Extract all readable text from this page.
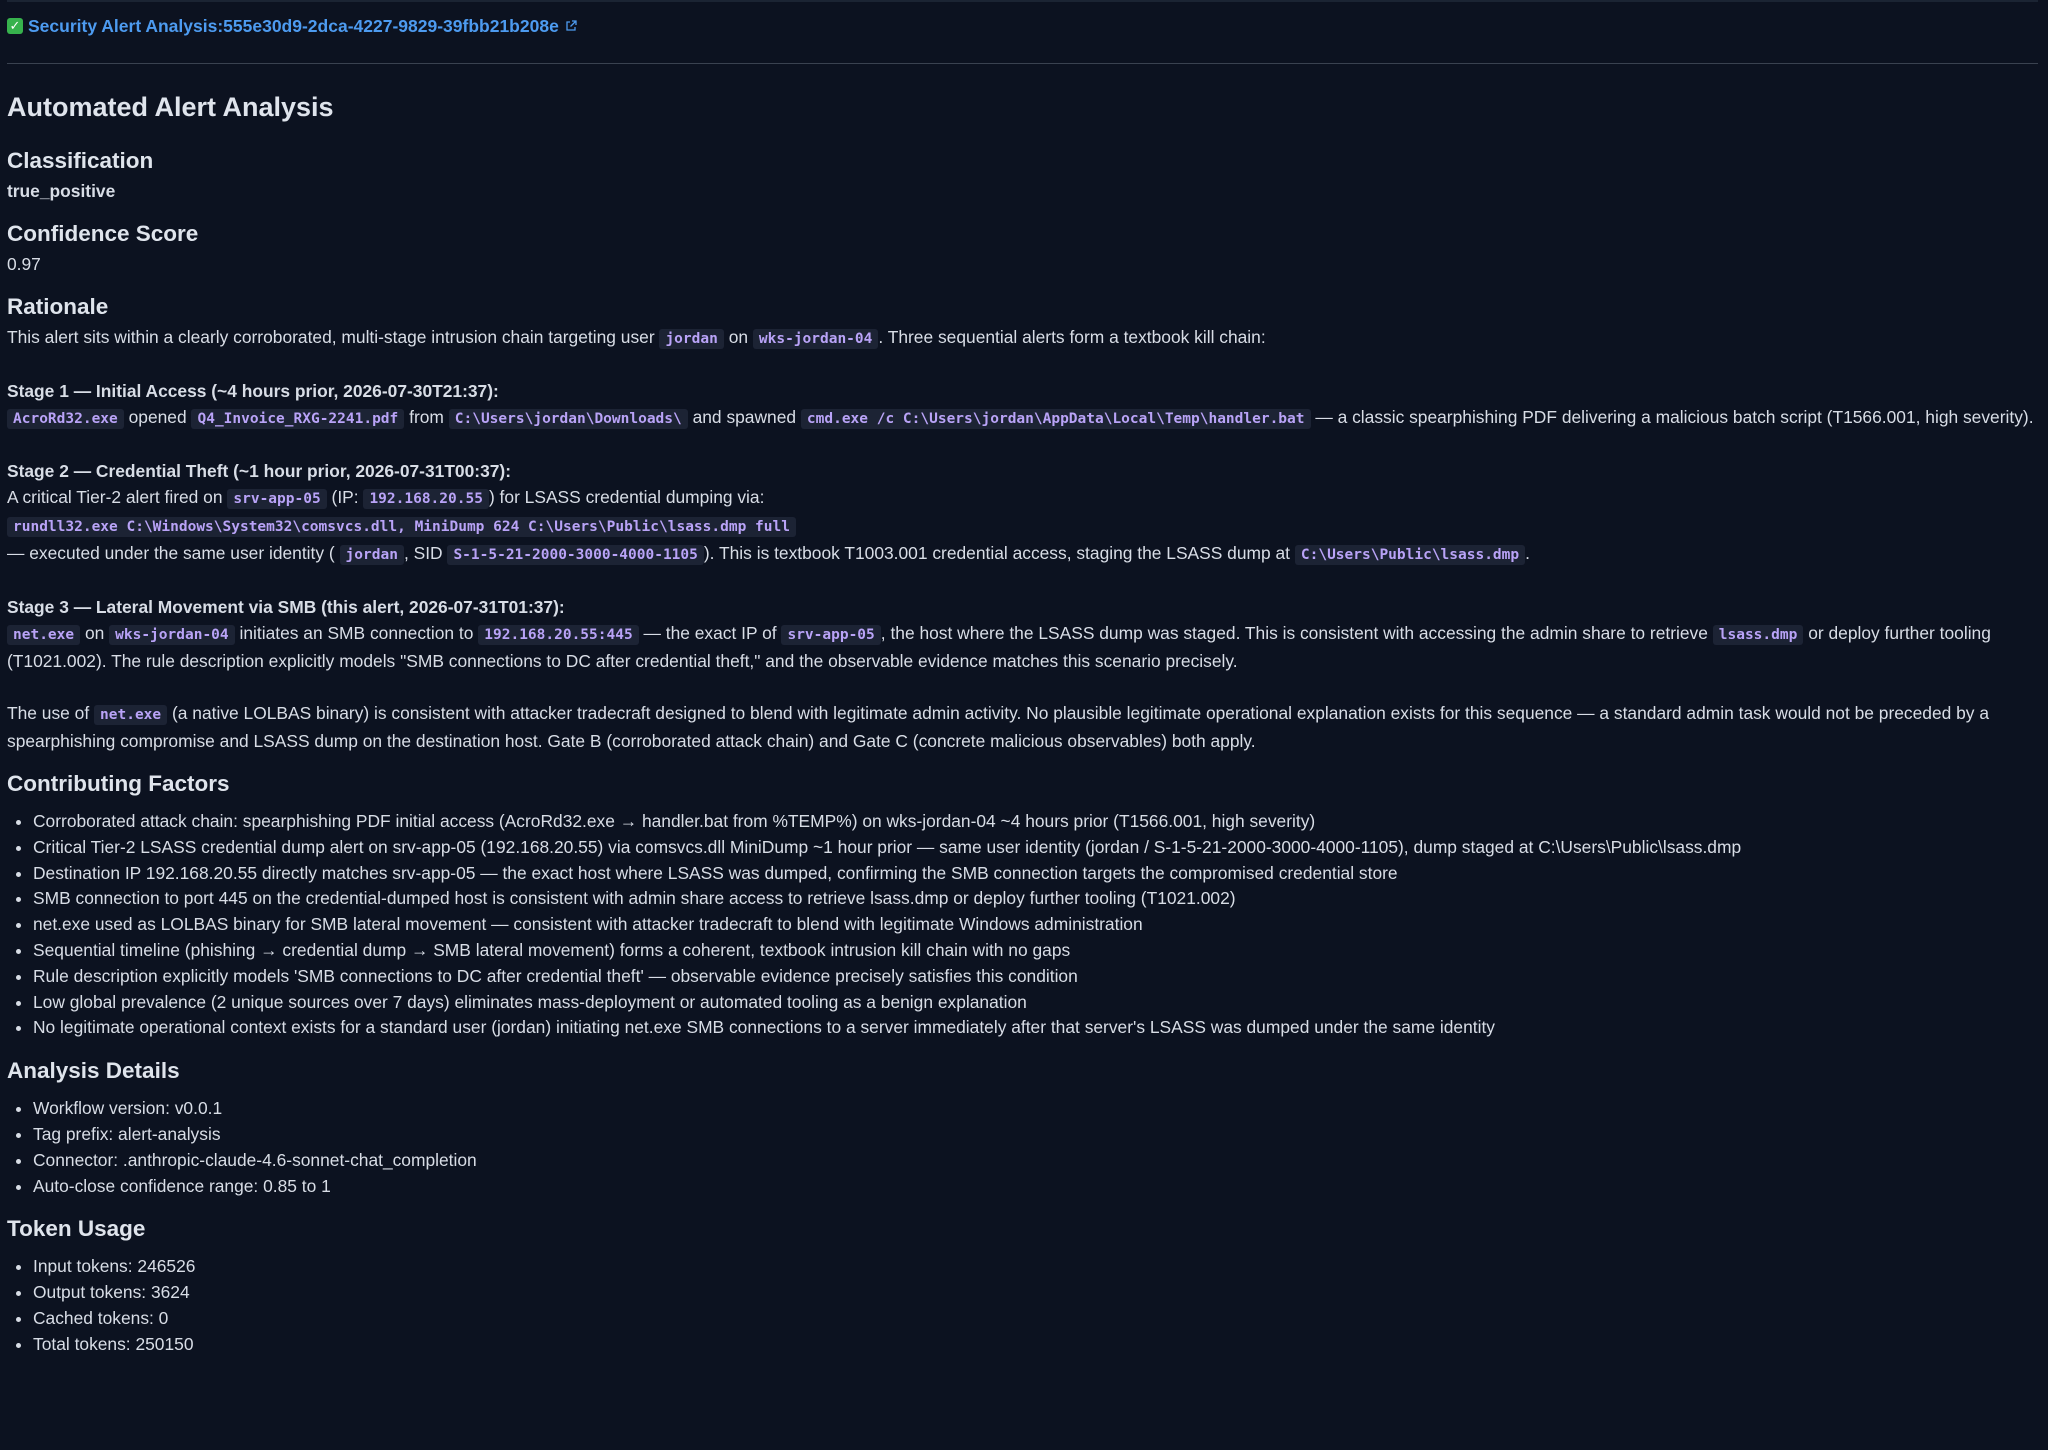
✓ Security Alert Analysis:555e30d9-2dca-4227-9829-39fbb21b208e
Automated Alert Analysis
Classification

true_positive

Confidence Score

0.97

Rationale

This alert sits within a clearly corroborated, multi-stage intrusion chain targeting user jordan on wks-jordan-04 . Three sequential alerts form a textbook kill chain:

Stage 1 — Initial Access (~4 hours prior, 2026-07-30T21:37):
AcroRd32.exe opened Q4_Invoice_RXG-2241.pdf from C:\Users\jordan\Downloads\ and spawned cmd.exe /c C:\Users\jordan\AppData\Local\Temp\handler.bat — a classic spearphishing PDF delivering a malicious batch script (T1566.001, high severity).

Stage 2 — Credential Theft (~1 hour prior, 2026-07-31T00:37):
A critical Tier-2 alert fired on srv-app-05 (IP: 192.168.20.55 ) for LSASS credential dumping via:
rundll32.exe C:\Windows\System32\comsvcs.dll, MiniDump 624 C:\Users\Public\lsass.dmp full
— executed under the same user identity ( jordan , SID S-1-5-21-2000-3000-4000-1105 ). This is textbook T1003.001 credential access, staging the LSASS dump at C:\Users\Public\lsass.dmp .

Stage 3 — Lateral Movement via SMB (this alert, 2026-07-31T01:37):
net.exe on wks-jordan-04 initiates an SMB connection to 192.168.20.55:445 — the exact IP of srv-app-05 , the host where the LSASS dump was staged. This is consistent with accessing the admin share to retrieve lsass.dmp or deploy further tooling (T1021.002). The rule description explicitly models "SMB connections to DC after credential theft," and the observable evidence matches this scenario precisely.

The use of net.exe (a native LOLBAS binary) is consistent with attacker tradecraft designed to blend with legitimate admin activity. No plausible legitimate operational explanation exists for this sequence — a standard admin task would not be preceded by a spearphishing compromise and LSASS dump on the destination host. Gate B (corroborated attack chain) and Gate C (concrete malicious observables) both apply.

Contributing Factors
• Corroborated attack chain: spearphishing PDF initial access (AcroRd32.exe → handler.bat from %TEMP%) on wks-jordan-04 ~4 hours prior (T1566.001, high severity)
• Critical Tier-2 LSASS credential dump alert on srv-app-05 (192.168.20.55) via comsvcs.dll MiniDump ~1 hour prior — same user identity (jordan / S-1-5-21-2000-3000-4000-1105), dump staged at C:\Users\Public\lsass.dmp
• Destination IP 192.168.20.55 directly matches srv-app-05 — the exact host where LSASS was dumped, confirming the SMB connection targets the compromised credential store
• SMB connection to port 445 on the credential-dumped host is consistent with admin share access to retrieve lsass.dmp or deploy further tooling (T1021.002)
• net.exe used as LOLBAS binary for SMB lateral movement — consistent with attacker tradecraft to blend with legitimate Windows administration
• Sequential timeline (phishing → credential dump → SMB lateral movement) forms a coherent, textbook intrusion kill chain with no gaps
• Rule description explicitly models 'SMB connections to DC after credential theft' — observable evidence precisely satisfies this condition
• Low global prevalence (2 unique sources over 7 days) eliminates mass-deployment or automated tooling as a benign explanation
• No legitimate operational context exists for a standard user (jordan) initiating net.exe SMB connections to a server immediately after that server's LSASS was dumped under the same identity
Analysis Details
• Workflow version: v0.0.1
• Tag prefix: alert-analysis
• Connector: .anthropic-claude-4.6-sonnet-chat_completion
• Auto-close confidence range: 0.85 to 1
Token Usage
• Input tokens: 246526
• Output tokens: 3624
• Cached tokens: 0
• Total tokens: 250150
